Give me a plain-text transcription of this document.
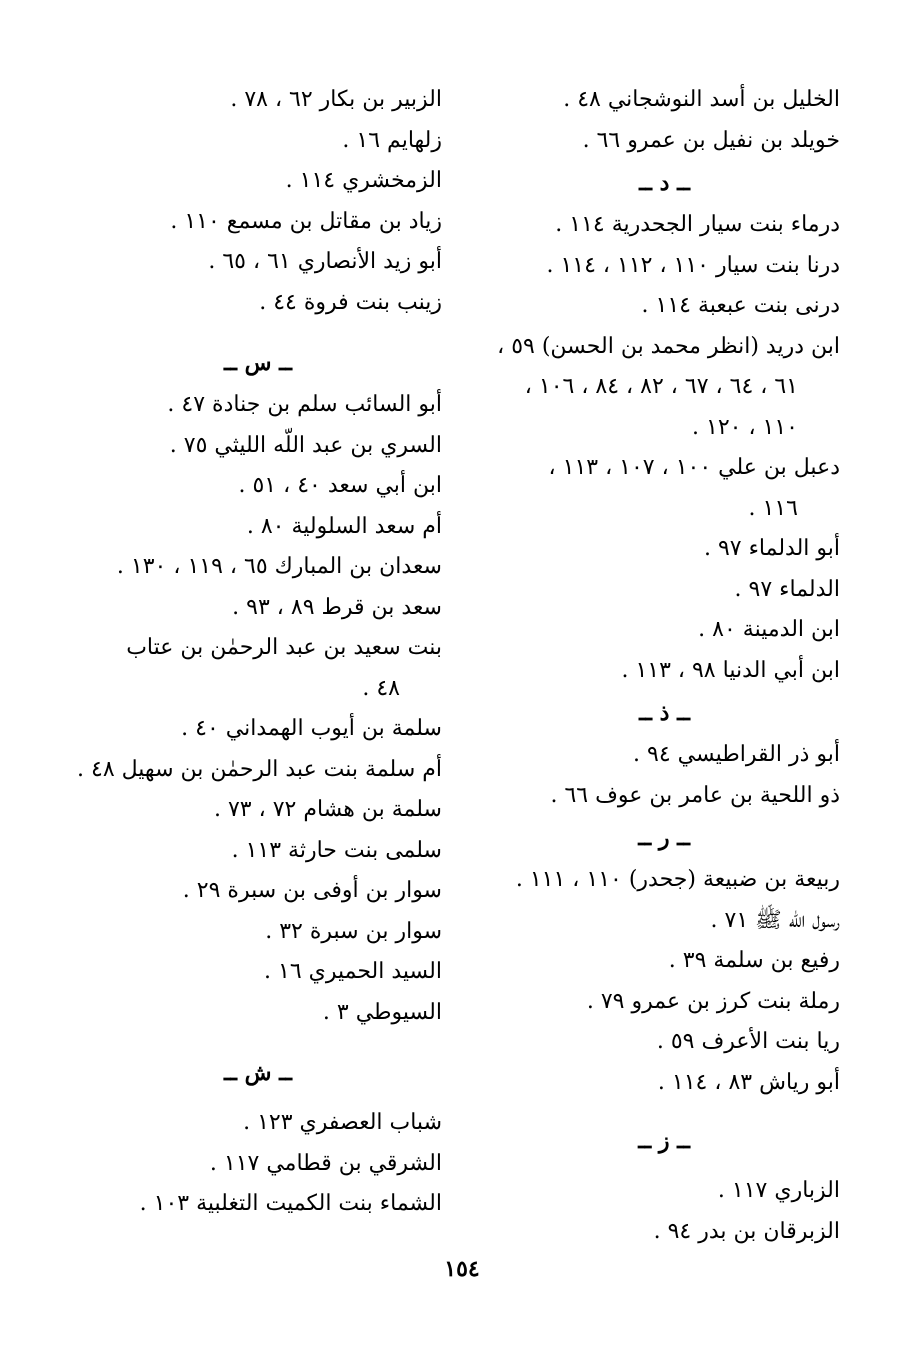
الخليل بن أسد النوشجاني ٤٨ .
خويلد بن نفيل بن عمرو ٦٦ .
ــ د ــ
درماء بنت سيار الجحدرية ١١٤ .
درنا بنت سيار ١١٠ ، ١١٢ ، ١١٤ .
درنى بنت عبعبة ١١٤ .
ابن دريد (انظر محمد بن الحسن) ٥٩ ،
٦١ ، ٦٤ ، ٦٧ ، ٨٢ ، ٨٤ ، ١٠٦ ،
١١٠ ، ١٢٠ .
دعبل بن علي ١٠٠ ، ١٠٧ ، ١١٣ ،
١١٦ .
أبو الدلماء ٩٧ .
الدلماء ٩٧ .
ابن الدمينة ٨٠ .
ابن أبي الدنيا ٩٨ ، ١١٣ .
ــ ذ ــ
أبو ذر القراطيسي ٩٤ .
ذو اللحية بن عامر بن عوف ٦٦ .
ــ ر ــ
ربيعة بن ضبيعة (جحدر) ١١٠ ، ١١١ .
رسول الله ﷺ ٧١ .
رفيع بن سلمة ٣٩ .
رملة بنت كرز بن عمرو ٧٩ .
ريا بنت الأعرف ٥٩ .
أبو رياش ٨٣ ، ١١٤ .
ــ ز ــ
الزباري ١١٧ .
الزبرقان بن بدر ٩٤ .
الزبير بن بكار ٦٢ ، ٧٨ .
زلهايم ١٦ .
الزمخشري ١١٤ .
زياد بن مقاتل بن مسمع ١١٠ .
أبو زيد الأنصاري ٦١ ، ٦٥ .
زينب بنت فروة ٤٤ .
ــ س ــ
أبو السائب سلم بن جنادة ٤٧ .
السري بن عبد اللّه الليثي ٧٥ .
ابن أبي سعد ٤٠ ، ٥١ .
أم سعد السلولية ٨٠ .
سعدان بن المبارك ٦٥ ، ١١٩ ، ١٣٠ .
سعد بن قرط ٨٩ ، ٩٣ .
بنت سعيد بن عبد الرحمٰن بن عتاب
٤٨ .
سلمة بن أيوب الهمداني ٤٠ .
أم سلمة بنت عبد الرحمٰن بن سهيل ٤٨ .
سلمة بن هشام ٧٢ ، ٧٣ .
سلمى بنت حارثة ١١٣ .
سوار بن أوفى بن سبرة ٢٩ .
سوار بن سبرة ٣٢ .
السيد الحميري ١٦ .
السيوطي ٣ .
ــ ش ــ
شباب العصفري ١٢٣ .
الشرقي بن قطامي ١١٧ .
الشماء بنت الكميت التغلبية ١٠٣ .
١٥٤
